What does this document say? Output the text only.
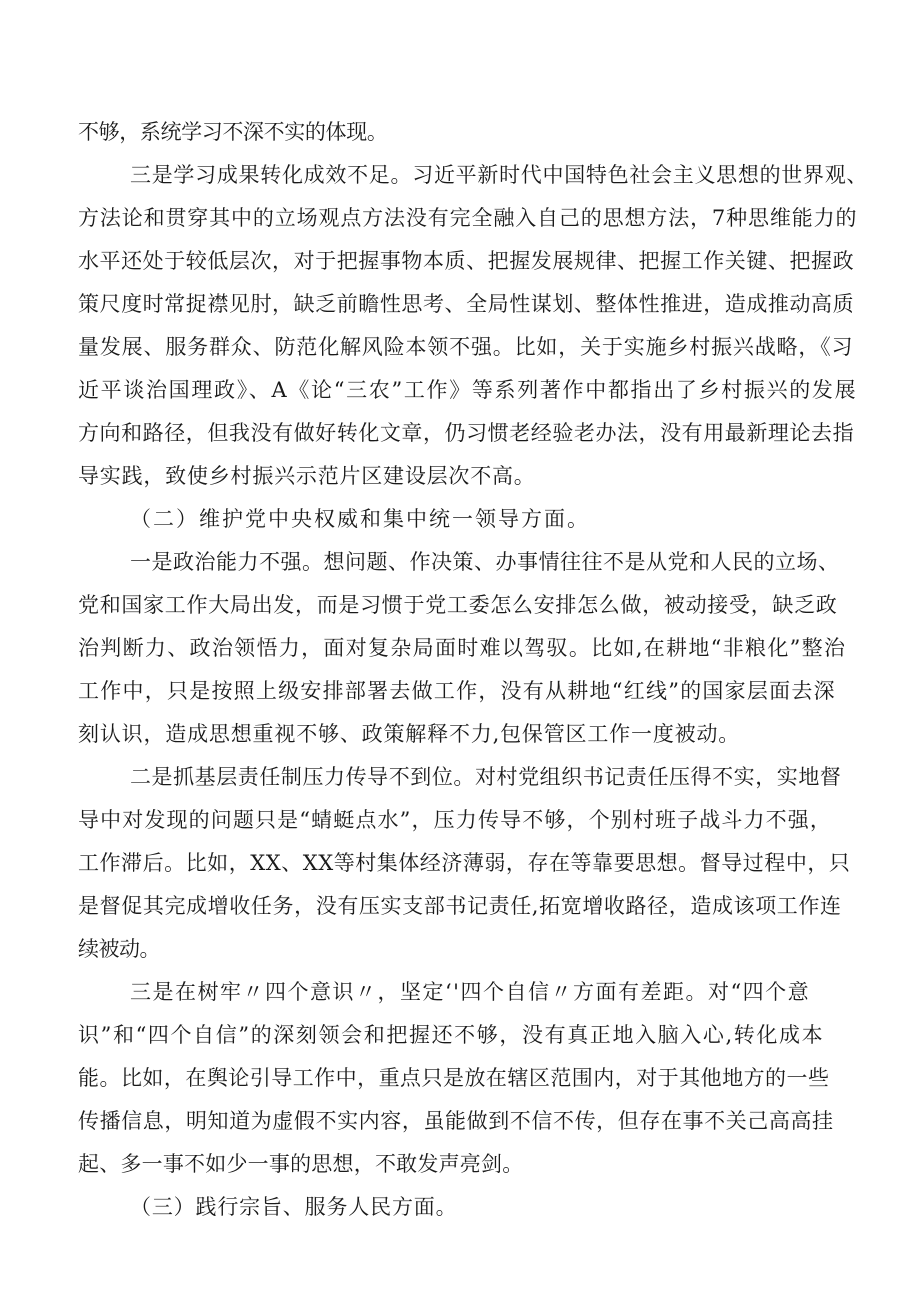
不够，系统学习不深不实的体现。
三是学习成果转化成效不足。习近平新时代中国特色社会主义思想的世界观、
方法论和贯穿其中的立场观点方法没有完全融入自己的思想方法，7种思维能力的
水平还处于较低层次，对于把握事物本质、把握发展规律、把握工作关键、把握政
策尺度时常捉襟见肘，缺乏前瞻性思考、全局性谋划、整体性推进，造成推动高质
量发展、服务群众、防范化解风险本领不强。比如，关于实施乡村振兴战略，《习
近平谈治国理政》、A《论“三农”工作》等系列著作中都指出了乡村振兴的发展
方向和路径，但我没有做好转化文章，仍习惯老经验老办法，没有用最新理论去指
导实践，致使乡村振兴示范片区建设层次不高。
（二）维护党中央权威和集中统一领导方面。
一是政治能力不强。想问题、作决策、办事情往往不是从党和人民的立场、
党和国家工作大局出发，而是习惯于党工委怎么安排怎么做，被动接受，缺乏政
治判断力、政治领悟力，面对复杂局面时难以驾驭。比如,在耕地“非粮化”整治
工作中，只是按照上级安排部署去做工作，没有从耕地“红线”的国家层面去深
刻认识，造成思想重视不够、政策解释不力,包保管区工作一度被动。
二是抓基层责任制压力传导不到位。对村党组织书记责任压得不实，实地督
导中对发现的问题只是“蜻蜓点水”，压力传导不够，个别村班子战斗力不强，
工作滞后。比如，XX、XX等村集体经济薄弱，存在等靠要思想。督导过程中，只
是督促其完成增收任务，没有压实支部书记责任,拓宽增收路径，造成该项工作连
续被动。
三是在树牢〃四个意识〃，坚定‘'四个自信〃方面有差距。对“四个意
识”和“四个自信”的深刻领会和把握还不够，没有真正地入脑入心,转化成本
能。比如，在舆论引导工作中，重点只是放在辖区范围内，对于其他地方的一些
传播信息，明知道为虚假不实内容，虽能做到不信不传，但存在事不关己高高挂
起、多一事不如少一事的思想，不敢发声亮剑。
（三）践行宗旨、服务人民方面。
